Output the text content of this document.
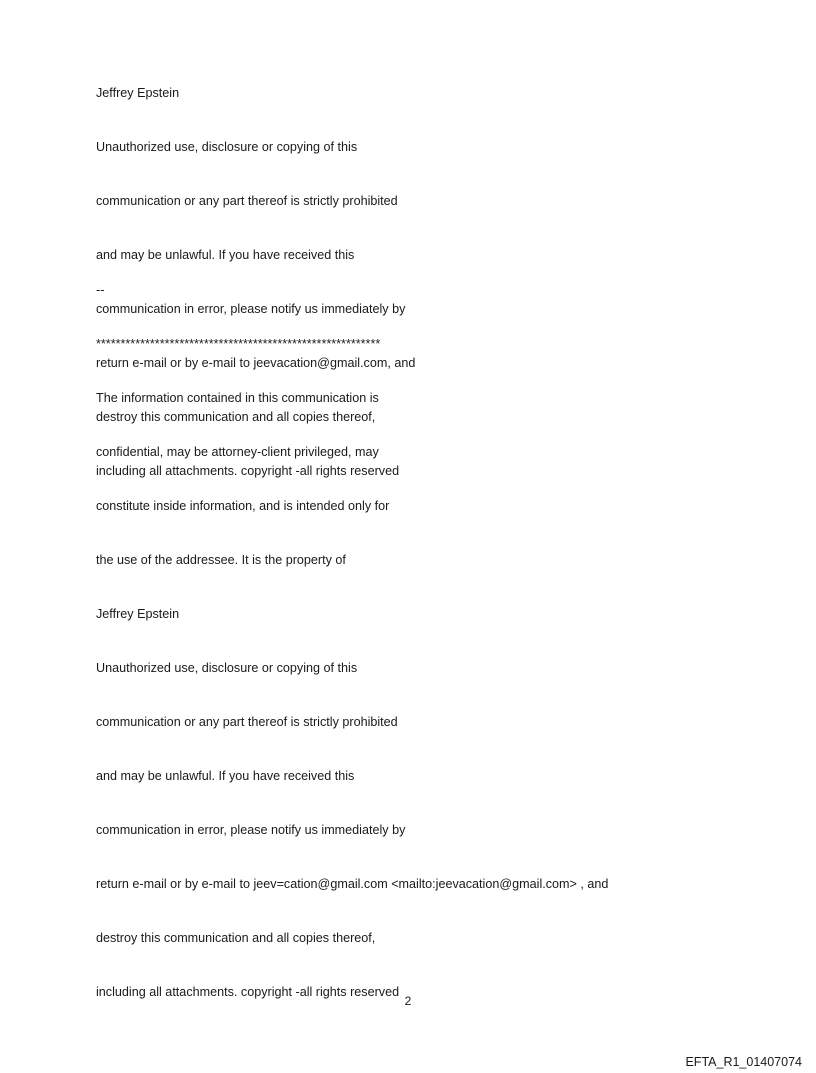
Jeffrey Epstein

Unauthorized use, disclosure or copying of this

communication or any part thereof is strictly prohibited

and may be unlawful. If you have received this

communication in error, please notify us immediately by

return e-mail or by e-mail to jeevacation@gmail.com, and

destroy this communication and all copies thereof,

including all attachments. copyright -all rights reserved

--

**********************************************************

The information contained in this communication is

confidential, may be attorney-client privileged, may

constitute inside information, and is intended only for

the use of the addressee. It is the property of

Jeffrey Epstein

Unauthorized use, disclosure or copying of this

communication or any part thereof is strictly prohibited

and may be unlawful. If you have received this

communication in error, please notify us immediately by

return e-mail or by e-mail to jeev=cation@gmail.com <mailto:jeevacation@gmail.com> , and

destroy this communication and all copies thereof,

including all attachments. copyright -all rights reserved

2
EFTA_R1_01407074
